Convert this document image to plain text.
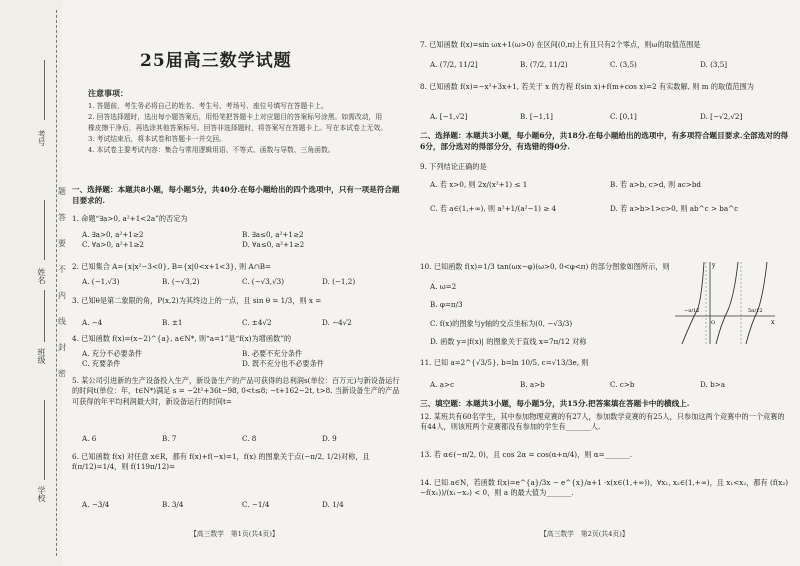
考号
姓名
班级
学校
题
答
要
不
内
线
封
密
25届高三数学试题
注意事项：
1. 答题前，考生务必将自己的姓名、考生号、考场号、座位号填写在答题卡上。
2. 回答选择题时，选出每小题答案后，用铅笔把答题卡上对应题目的答案标号涂黑。如需改动，用橡皮擦干净后，再选涂其他答案标号。回答非选择题时，将答案写在答题卡上。写在本试卷上无效。
3. 考试结束后，将本试卷和答题卡一并交回。
4. 本试卷主要考试内容：集合与常用逻辑用语、不等式、函数与导数、三角函数。
一、选择题：本题共8小题，每小题5分，共40分.在每小题给出的四个选项中，只有一项是符合题目要求的.
1. 命题“∃a>0, a²+1<2a”的否定为
A. ∃a>0, a²+1≥2	B. ∃a≤0, a²+1≥2
C. ∀a>0, a²+1≥2	D. ∀a≤0, a²+1≥2
2. 已知集合 A={x|x²−3<0}, B={x|0<x+1<3}, 则 A∩B=
A. (−1,√3)	B. (−√3,2)	C. (−√3,√3)	D. (−1,2)
3. 已知θ是第二象限的角，P(x,2)为其终边上的一点，且 sin θ = 1/3，则 x =
A. −4	B. ±1	C. ±4√2	D. −4√2
4. 已知函数 f(x)=(x−2)^{a}, a∈N*, 则“a=1”是“f(x)为增函数”的
A. 充分不必要条件	B. 必要不充分条件
C. 充要条件	D. 既不充分也不必要条件
5. 某公司引进新的生产设备投入生产，新设备生产的产品可获得的总利润s(单位：百万元)与新设备运行的时间t(单位：年，t∈N*)满足 s = −2t²+36t−98, 0<t≤8; −t+162−2t, t>8. 当新设备生产的产品可获得的年平均利润最大时，新设备运行的时间t=
A. 6	B. 7	C. 8	D. 9
6. 已知函数 f(x) 对任意 x∈R，都有 f(x)+f(−x)=1，f(x) 的图象关于点(−π/2, 1/2)对称，且 f(π/12)=1/4，则 f(119π/12)=
A. −3/4	B. 3/4	C. −1/4	D. 1/4
【高三数学　第1页(共4页)】
7. 已知函数 f(x)=sin ωx+1(ω>0) 在区间(0,π)上有且只有2个零点，则ω的取值范围是
A. (7/2, 11/2]	B. (7/2, 11/2)	C. (3,5)	D. (3,5]
8. 已知函数 f(x)=−x³+3x+1, 若关于 x 的方程 f(sin x)+f(m+cos x)=2 有实数解, 则 m 的取值范围为
A. [−1,√2]	B. [−1,1]	C. [0,1]	D. [−√2,√2]
二、选择题：本题共3小题，每小题6分，共18分.在每小题给出的选项中，有多项符合题目要求.全部选对的得6分，部分选对的得部分分，有选错的得0分.
9. 下列结论正确的是
A. 若 x>0, 则 2x/(x²+1) ≤ 1	B. 若 a>b, c>d, 则 ac>bd
C. 若 a∈(1,+∞), 则 a²+1/(a²−1) ≥ 4	D. 若 a>b>1>c>0, 则 ab^c > ba^c
10. 已知函数 f(x)=1/3 tan(ωx−φ)(ω>0, 0<φ<π) 的部分图象如图所示，则
A. ω=2
B. φ=π/3
C. f(x)的图象与y轴的交点坐标为(0, −√3/3)
D. 函数 y=|f(x)| 的图象关于直线 x=7π/12 对称
11. 已知 a=2^{√3/5}, b=ln 10/5, c=√13/3e, 则
A. a>c	B. a>b	C. c>b	D. b>a
三、填空题：本题共3小题，每小题5分，共15分.把答案填在答题卡中的横线上.
12. 某班共有60名学生，其中参加物理竞赛的有27人，参加数学竞赛的有25人，只参加这两个竞赛中的一个竞赛的有44人，则该班两个竞赛都没有参加的学生有_______人.
13. 若 α∈(−π/2, 0)，且 cos 2α = cos(α+π/4)，则 α=_______.
14. 已知 a∈N，若函数 f(x)=e^{a}/3x − e^{x}/a+1 ·x(x∈(1,+∞))，∀x₁, x₂∈(1,+∞)，且 x₁<x₂，都有 (f(x₂)−f(x₁))/(x₁−x₂) < 0，则 a 的最大值为_______.
【高三数学　第2页(共4页)】
y
x
O
−π/12	5π/12
